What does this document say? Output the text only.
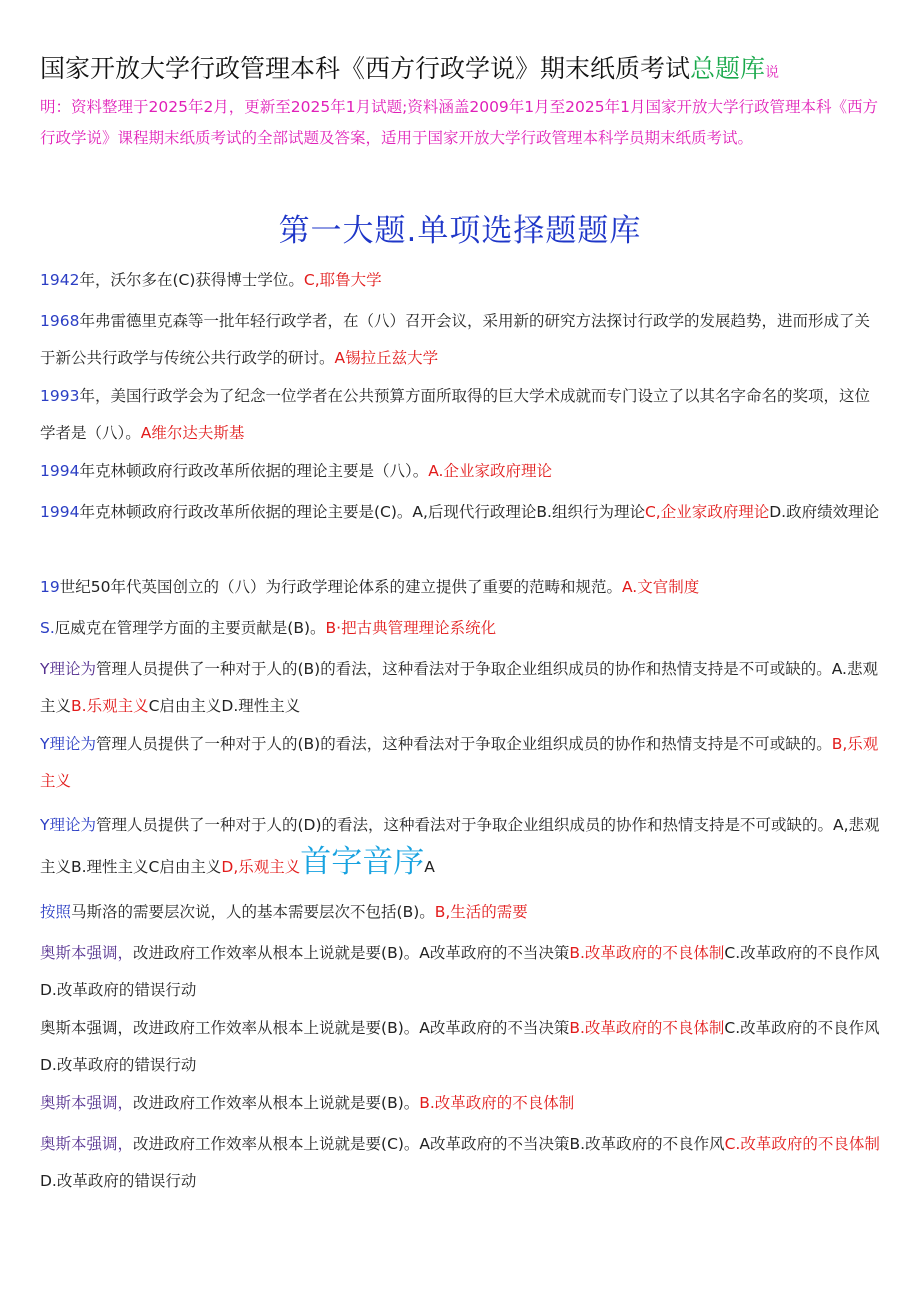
国家开放大学行政管理本科《西方行政学说》期末纸质考试总题库说
明：资料整理于2025年2月，更新至2025年1月试题;资料涵盖2009年1月至2025年1月国家开放大学行政管理本科《西方行政学说》课程期末纸质考试的全部试题及答案，适用于国家开放大学行政管理本科学员期末纸质考试。
第一大题.单项选择题题库
1942年，沃尔多在(C)获得博士学位。C,耶鲁大学
1968年弗雷德里克森等一批年轻行政学者，在（八）召开会议，采用新的研究方法探讨行政学的发展趋势，进而形成了关于新公共行政学与传统公共行政学的研讨。A锡拉丘兹大学
1993年，美国行政学会为了纪念一位学者在公共预算方面所取得的巨大学术成就而专门设立了以其名字命名的奖项，这位学者是（八）。A维尔达夫斯基
1994年克林顿政府行政改革所依据的理论主要是（八）。A.企业家政府理论
1994年克林顿政府行政改革所依据的理论主要是(C)。A,后现代行政理论B.组织行为理论C,企业家政府理论D.政府绩效理论
19世纪50年代英国创立的（八）为行政学理论体系的建立提供了重要的范畴和规范。A.文官制度
S.厄威克在管理学方面的主要贡献是(B)。B·把古典管理理论系统化
Y理论为管理人员提供了一种对于人的(B)的看法，这种看法对于争取企业组织成员的协作和热情支持是不可或缺的。A.悲观主义B.乐观主义C启由主义D.理性主义
Y理论为管理人员提供了一种对于人的(B)的看法，这种看法对于争取企业组织成员的协作和热情支持是不可或缺的。B,乐观主义
Y理论为管理人员提供了一种对于人的(D)的看法，这种看法对于争取企业组织成员的协作和热情支持是不可或缺的。A,悲观主义B.理性主义C启由主义D,乐观主义首字音序A
按照马斯洛的需要层次说，人的基本需要层次不包括(B)。B,生活的需要
奥斯本强调，改进政府工作效率从根本上说就是要(B)。A改革政府的不当决策B.改革政府的不良体制C.改革政府的不良作风D.改革政府的错误行动
奥斯本强调，改进政府工作效率从根本上说就是要(B)。A改革政府的不当决策B.改革政府的不良体制C.改革政府的不良作风D.改革政府的错误行动
奥斯本强调，改进政府工作效率从根本上说就是要(B)。B.改革政府的不良体制
奥斯本强调，改进政府工作效率从根本上说就是要(C)。A改革政府的不当决策B.改革政府的不良作风C.改革政府的不良体制D.改革政府的错误行动
